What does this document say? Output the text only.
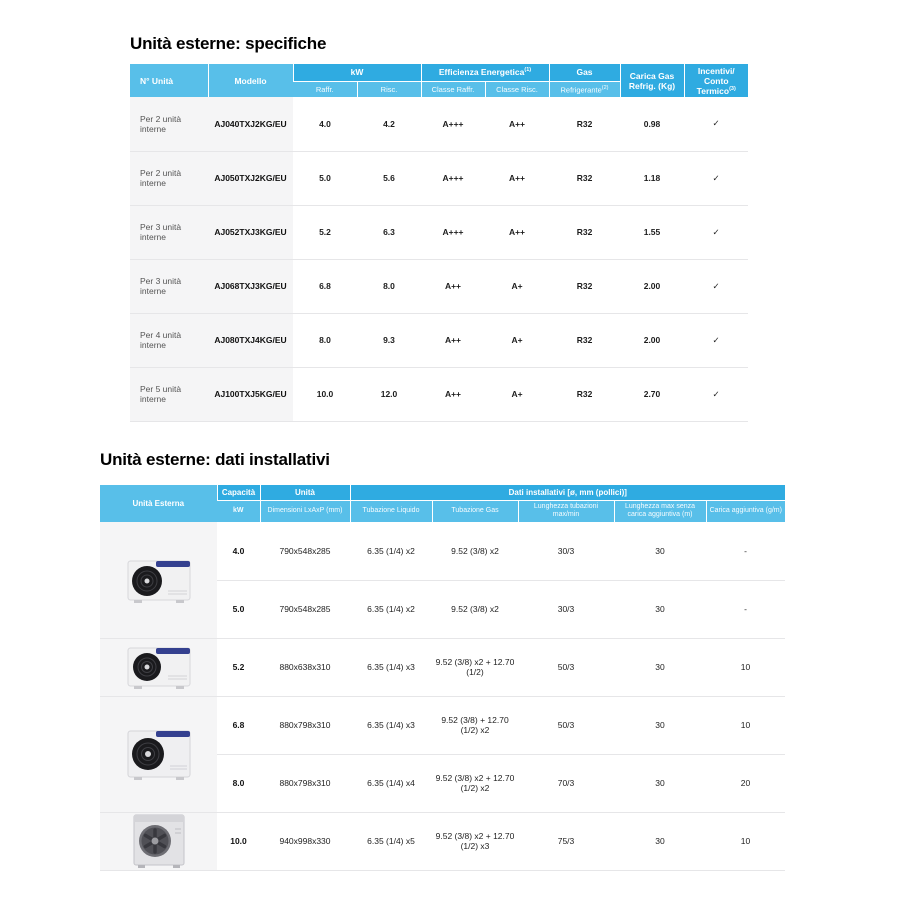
Unità esterne: specifiche
N° Unità	Modello	kW		Efficienza Energetica$^{(1)}$		Gas	Carica Gas Refrig. (Kg)	Incentivi/
Conto Termico$^{(3)}$
		Raffr.	Risc.	Classe Raffr.	Classe Risc.	Refrigerante$^{(2)}$
Per 2 unità interne	AJ040TXJ2KG/EU	4.0	4.2	A+++	A++	R32	0.98	✓
Per 2 unità interne	AJ050TXJ2KG/EU	5.0	5.6	A+++	A++	R32	1.18	✓
Per 3 unità interne	AJ052TXJ3KG/EU	5.2	6.3	A+++	A++	R32	1.55	✓
Per 3 unità interne	AJ068TXJ3KG/EU	6.8	8.0	A++	A+	R32	2.00	✓
Per 4 unità interne	AJ080TXJ4KG/EU	8.0	9.3	A++	A+	R32	2.00	✓
Per 5 unità interne	AJ100TXJ5KG/EU	10.0	12.0	A++	A+	R32	2.70	✓
Unità esterne: dati installativi
Unità Esterna	Capacità	Unità	Dati installativi [ø, mm (pollici)]				
	kW	Dimensioni LxAxP (mm)	Tubazione Liquido	Tubazione Gas	Lunghezza tubazioni max/min	Lunghezza max senza carica aggiuntiva (m)	Carica aggiuntiva (g/m)

	4.0	790x548x285	6.35 (1/4) x2	9.52 (3/8) x2	30/3	30	-
	5.0	790x548x285	6.35 (1/4) x2	9.52 (3/8) x2	30/3	30	-

	5.2	880x638x310	6.35 (1/4) x3	9.52 (3/8) x2 + 12.70 (1/2)	50/3	30	10

	6.8	880x798x310	6.35 (1/4) x3	9.52 (3/8) + 12.70 (1/2) x2	50/3	30	10
	8.0	880x798x310	6.35 (1/4) x4	9.52 (3/8) x2 + 12.70 (1/2) x2	70/3	30	20

	10.0	940x998x330	6.35 (1/4) x5	9.52 (3/8) x2 + 12.70 (1/2) x3	75/3	30	10
